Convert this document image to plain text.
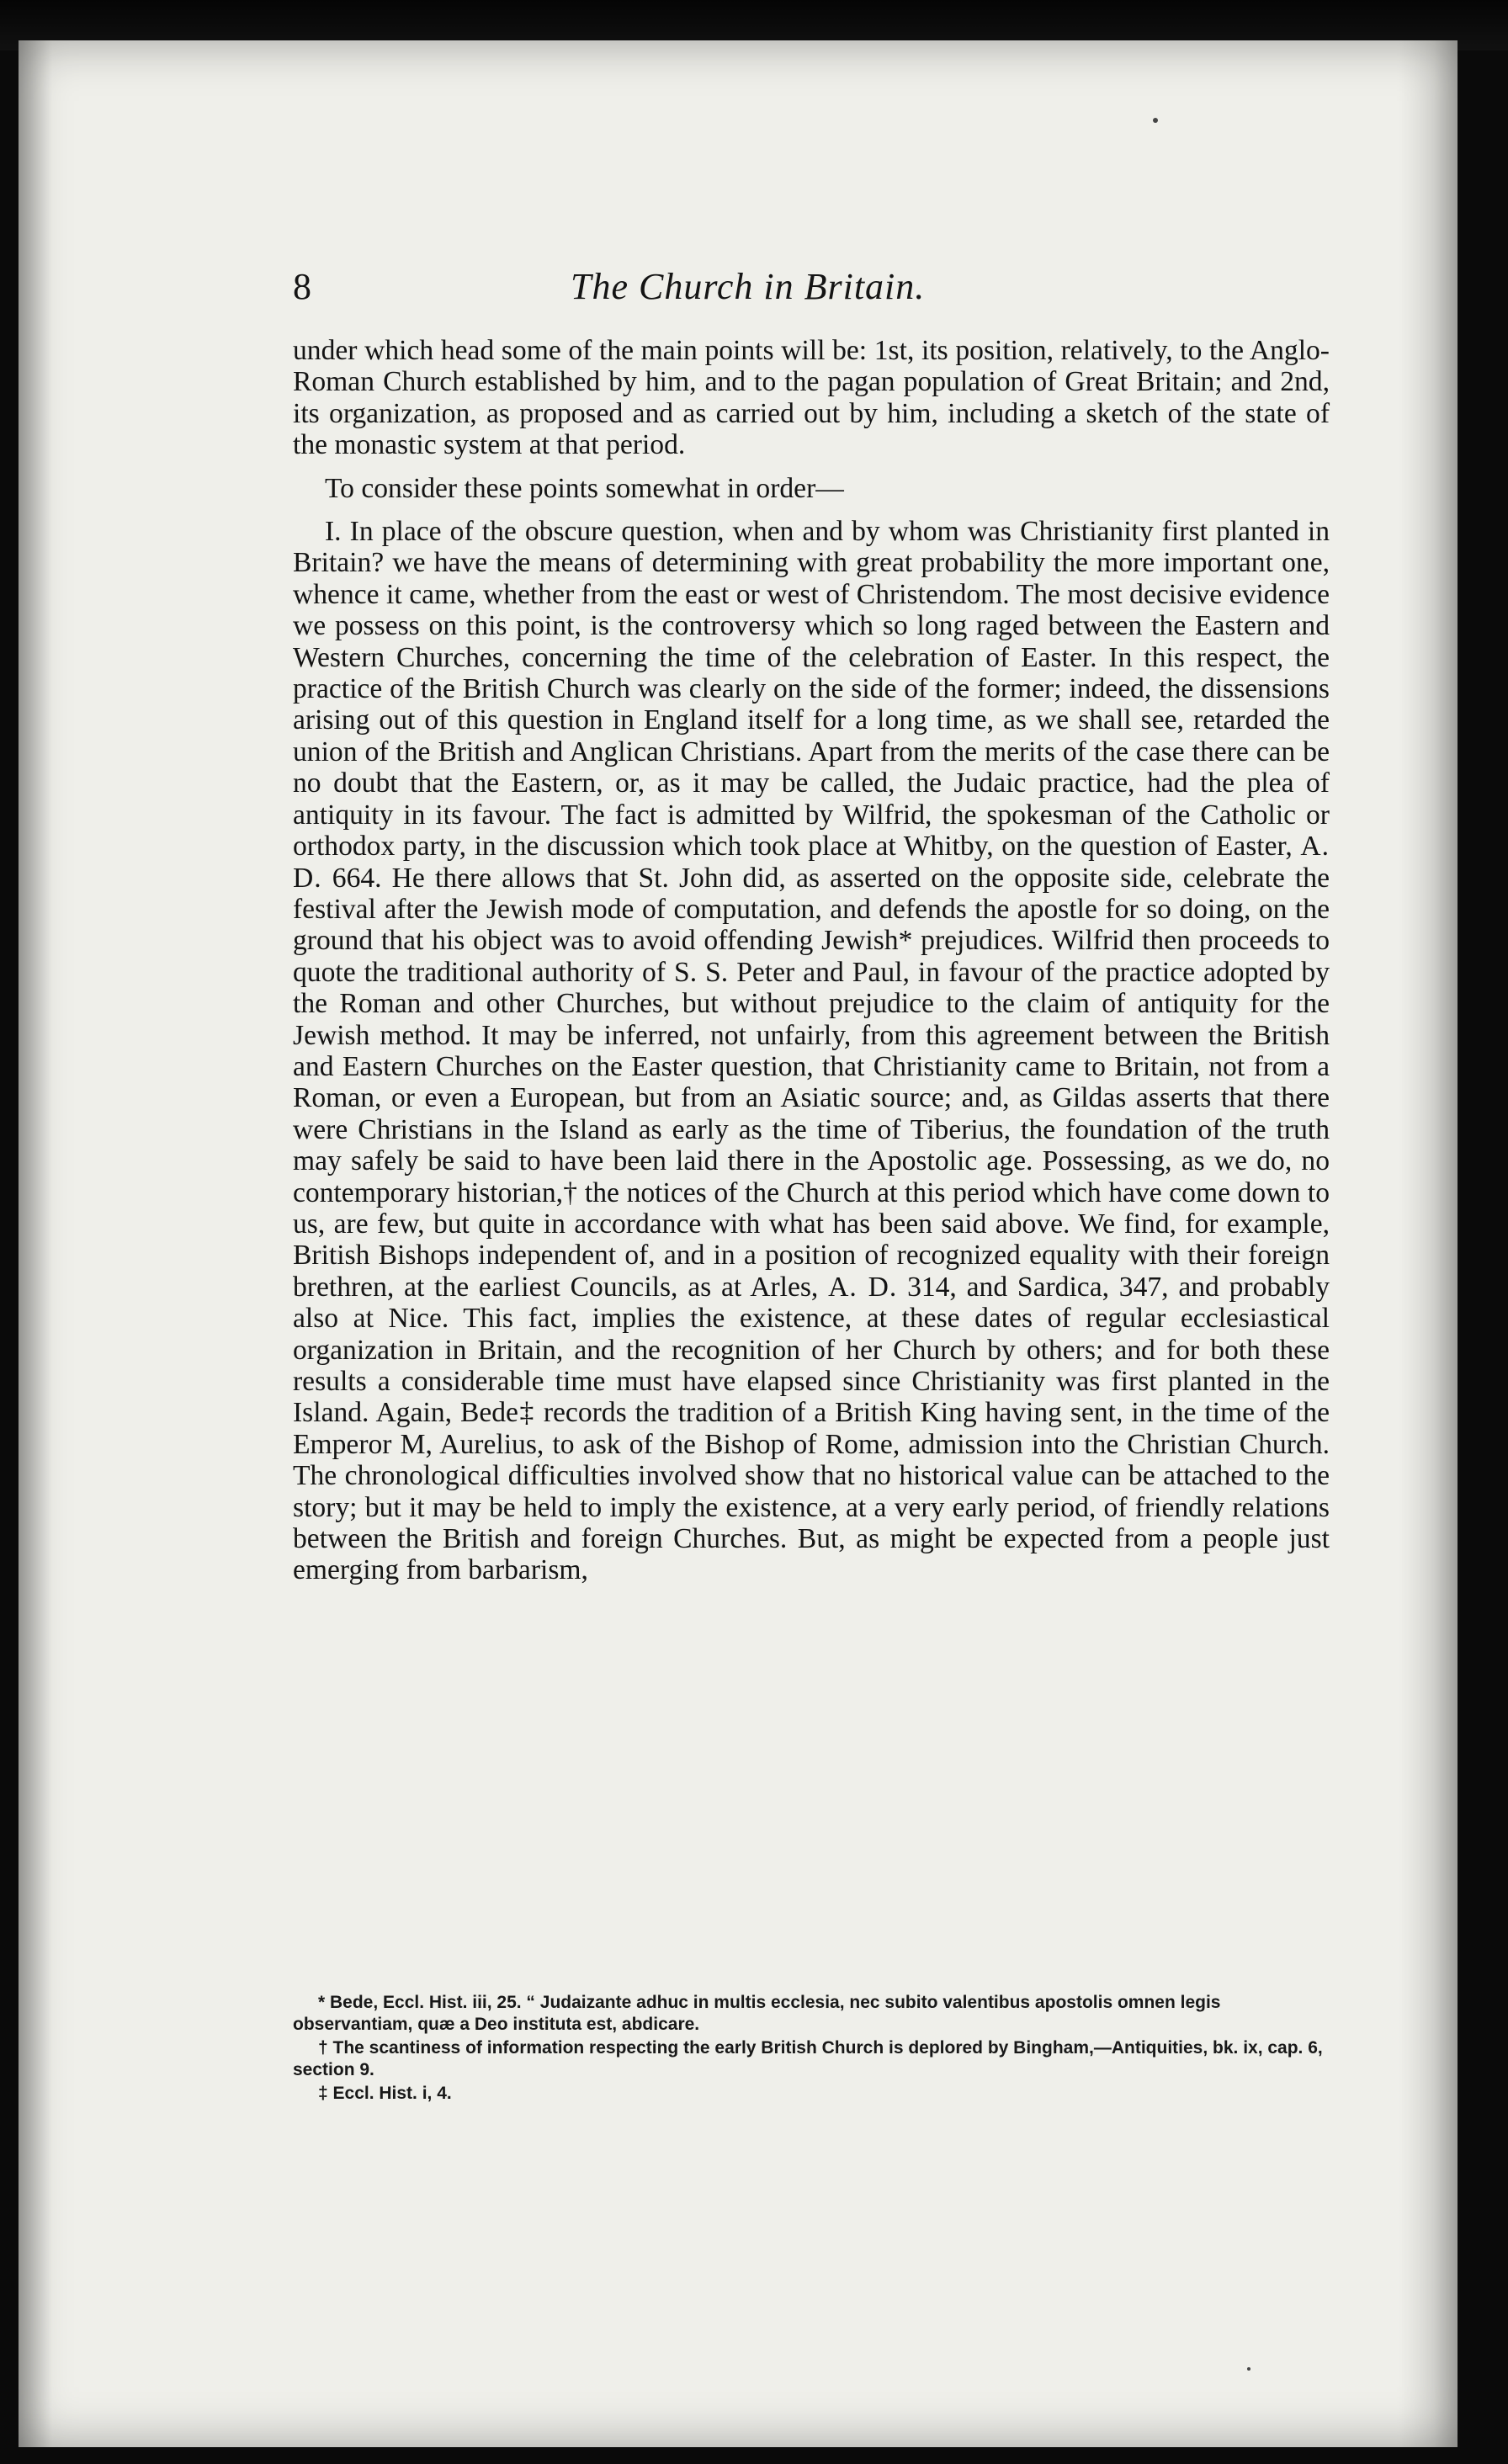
8	The Church in Britain.

under which head some of the main points will be: 1st, its position, relatively, to the Anglo-Roman Church established by him, and to the pagan population of Great Britain; and 2nd, its organization, as proposed and as carried out by him, including a sketch of the state of the monastic system at that period.

To consider these points somewhat in order—

I. In place of the obscure question, when and by whom was Christianity first planted in Britain? we have the means of determining with great probability the more important one, whence it came, whether from the east or west of Christendom. The most decisive evidence we possess on this point, is the controversy which so long raged between the Eastern and Western Churches, concerning the time of the celebration of Easter. In this respect, the practice of the British Church was clearly on the side of the former; indeed, the dissensions arising out of this question in England itself for a long time, as we shall see, retarded the union of the British and Anglican Christians. Apart from the merits of the case there can be no doubt that the Eastern, or, as it may be called, the Judaic practice, had the plea of antiquity in its favour. The fact is admitted by Wilfrid, the spokesman of the Catholic or orthodox party, in the discussion which took place at Whitby, on the question of Easter, A. D. 664. He there allows that St. John did, as asserted on the opposite side, celebrate the festival after the Jewish mode of computation, and defends the apostle for so doing, on the ground that his object was to avoid offending Jewish* prejudices. Wilfrid then proceeds to quote the traditional authority of S. S. Peter and Paul, in favour of the practice adopted by the Roman and other Churches, but without prejudice to the claim of antiquity for the Jewish method. It may be inferred, not unfairly, from this agreement between the British and Eastern Churches on the Easter question, that Christianity came to Britain, not from a Roman, or even a European, but from an Asiatic source; and, as Gildas asserts that there were Christians in the Island as early as the time of Tiberius, the foundation of the truth may safely be said to have been laid there in the Apostolic age. Possessing, as we do, no contemporary historian,† the notices of the Church at this period which have come down to us, are few, but quite in accordance with what has been said above. We find, for example, British Bishops independent of, and in a position of recognized equality with their foreign brethren, at the earliest Councils, as at Arles, A. D. 314, and Sardica, 347, and probably also at Nice. This fact, implies the existence, at these dates of regular ecclesiastical organization in Britain, and the recognition of her Church by others; and for both these results a considerable time must have elapsed since Christianity was first planted in the Island. Again, Bede‡ records the tradition of a British King having sent, in the time of the Emperor M, Aurelius, to ask of the Bishop of Rome, admission into the Christian Church. The chronological difficulties involved show that no historical value can be attached to the story; but it may be held to imply the existence, at a very early period, of friendly relations between the British and foreign Churches. But, as might be expected from a people just emerging from barbarism,

* Bede, Eccl. Hist. iii, 25. “ Judaizante adhuc in multis ecclesia, nec subito valentibus apostolis omnen legis observantiam, quæ a Deo instituta est, abdicare.

† The scantiness of information respecting the early British Church is deplored by Bingham,—Antiquities, bk. ix, cap. 6, section 9.

‡ Eccl. Hist. i, 4.
